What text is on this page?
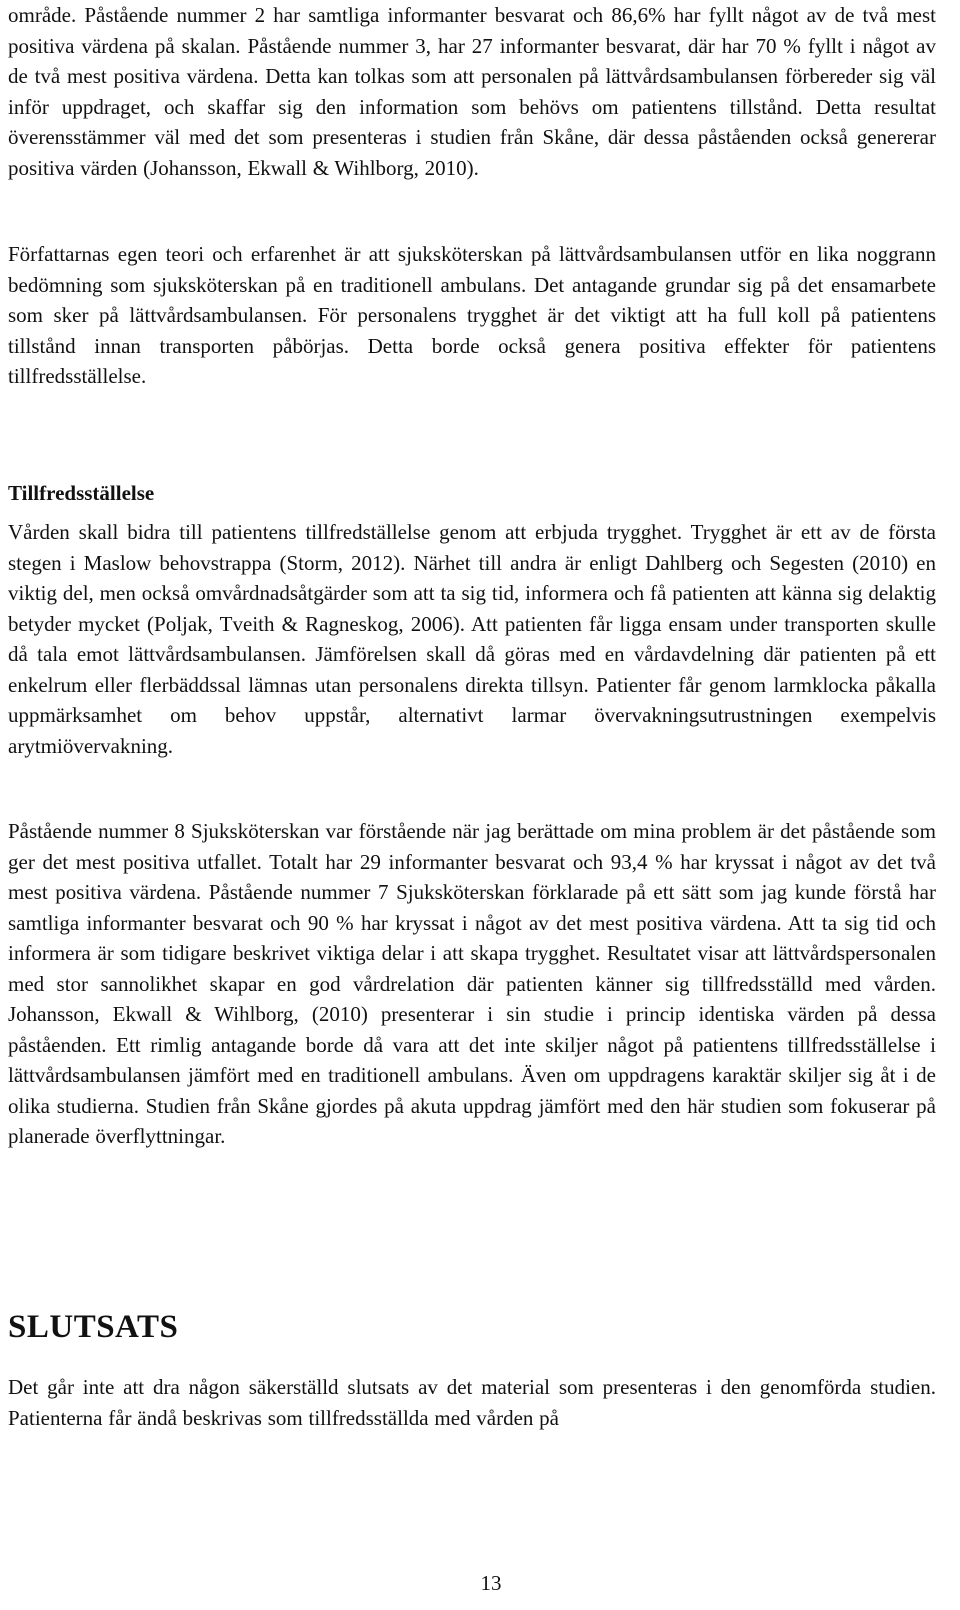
område. Påstående nummer 2 har samtliga informanter besvarat och 86,6% har fyllt något av de två mest positiva värdena på skalan. Påstående nummer 3, har 27 informanter besvarat, där har 70 % fyllt i något av de två mest positiva värdena. Detta kan tolkas som att personalen på lättvårdsambulansen förbereder sig väl inför uppdraget, och skaffar sig den information som behövs om patientens tillstånd. Detta resultat överensstämmer väl med det som presenteras i studien från Skåne, där dessa påståenden också genererar positiva värden (Johansson, Ekwall & Wihlborg, 2010).

Författarnas egen teori och erfarenhet är att sjuksköterskan på lättvårdsambulansen utför en lika noggrann bedömning som sjuksköterskan på en traditionell ambulans. Det antagande grundar sig på det ensamarbete som sker på lättvårdsambulansen. För personalens trygghet är det viktigt att ha full koll på patientens tillstånd innan transporten påbörjas. Detta borde också genera positiva effekter för patientens tillfredsställelse.

Tillfredsställelse

Vården skall bidra till patientens tillfredställelse genom att erbjuda trygghet. Trygghet är ett av de första stegen i Maslow behovstrappa (Storm, 2012). Närhet till andra är enligt Dahlberg och Segesten (2010) en viktig del, men också omvårdnadsåtgärder som att ta sig tid, informera och få patienten att känna sig delaktig betyder mycket (Poljak, Tveith & Ragneskog, 2006). Att patienten får ligga ensam under transporten skulle då tala emot lättvårdsambulansen. Jämförelsen skall då göras med en vårdavdelning där patienten på ett enkelrum eller flerbäddssal lämnas utan personalens direkta tillsyn. Patienter får genom larmklocka påkalla uppmärksamhet om behov uppstår, alternativt larmar övervakningsutrustningen exempelvis arytmiövervakning.

Påstående nummer 8 Sjuksköterskan var förstående när jag berättade om mina problem är det påstående som ger det mest positiva utfallet. Totalt har 29 informanter besvarat och 93,4 % har kryssat i något av det två mest positiva värdena. Påstående nummer 7 Sjuksköterskan förklarade på ett sätt som jag kunde förstå har samtliga informanter besvarat och 90 % har kryssat i något av det mest positiva värdena. Att ta sig tid och informera är som tidigare beskrivet viktiga delar i att skapa trygghet. Resultatet visar att lättvårdspersonalen med stor sannolikhet skapar en god vårdrelation där patienten känner sig tillfredsställd med vården. Johansson, Ekwall & Wihlborg, (2010) presenterar i sin studie i princip identiska värden på dessa påståenden. Ett rimlig antagande borde då vara att det inte skiljer något på patientens tillfredsställelse i lättvårdsambulansen jämfört med en traditionell ambulans. Även om uppdragens karaktär skiljer sig åt i de olika studierna. Studien från Skåne gjordes på akuta uppdrag jämfört med den här studien som fokuserar på planerade överflyttningar.

SLUTSATS

Det går inte att dra någon säkerställd slutsats av det material som presenteras i den genomförda studien. Patienterna får ändå beskrivas som tillfredsställda med vården på

13
